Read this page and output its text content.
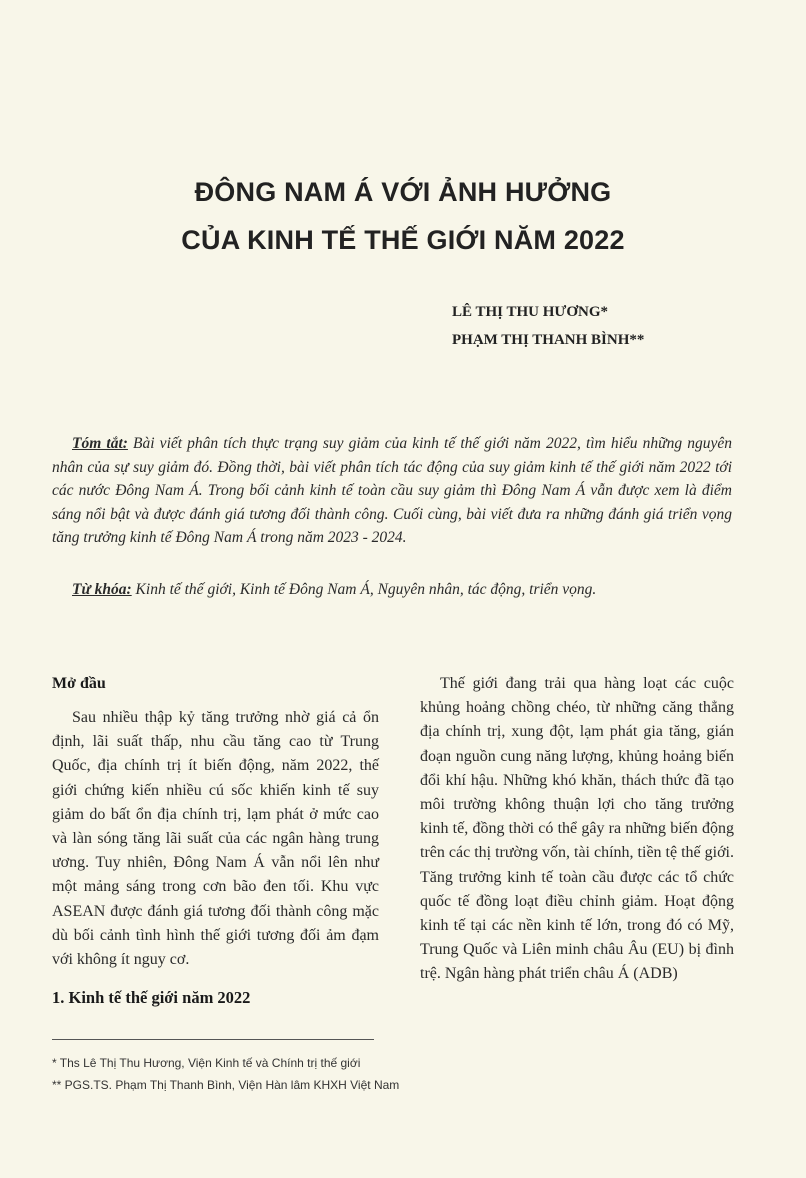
ĐÔNG NAM Á VỚI ẢNH HƯỞNG
CỦA KINH TẾ THẾ GIỚI NĂM 2022
LÊ THỊ THU HƯƠNG*
PHẠM THỊ THANH BÌNH**
Tóm tắt: Bài viết phân tích thực trạng suy giảm của kinh tế thế giới năm 2022, tìm hiểu những nguyên nhân của sự suy giảm đó. Đồng thời, bài viết phân tích tác động của suy giảm kinh tế thế giới năm 2022 tới các nước Đông Nam Á. Trong bối cảnh kinh tế toàn cầu suy giảm thì Đông Nam Á vẫn được xem là điểm sáng nổi bật và được đánh giá tương đối thành công. Cuối cùng, bài viết đưa ra những đánh giá triển vọng tăng trưởng kinh tế Đông Nam Á trong năm 2023 - 2024.
Từ khóa: Kinh tế thế giới, Kinh tế Đông Nam Á, Nguyên nhân, tác động, triển vọng.
Mở đầu

Sau nhiều thập kỷ tăng trưởng nhờ giá cả ổn định, lãi suất thấp, nhu cầu tăng cao từ Trung Quốc, địa chính trị ít biến động, năm 2022, thế giới chứng kiến nhiều cú sốc khiến kinh tế suy giảm do bất ổn địa chính trị, lạm phát ở mức cao và làn sóng tăng lãi suất của các ngân hàng trung ương. Tuy nhiên, Đông Nam Á vẫn nổi lên như một mảng sáng trong cơn bão đen tối. Khu vực ASEAN được đánh giá tương đối thành công mặc dù bối cảnh tình hình thế giới tương đối ảm đạm với không ít nguy cơ.

1. Kinh tế thế giới năm 2022

Thế giới đang trải qua hàng loạt các cuộc khủng hoảng chồng chéo, từ những căng thẳng địa chính trị, xung đột, lạm phát gia tăng, gián đoạn nguồn cung năng lượng, khủng hoảng biến đổi khí hậu. Những khó khăn, thách thức đã tạo môi trường không thuận lợi cho tăng trưởng kinh tế, đồng thời có thể gây ra những biến động trên các thị trường vốn, tài chính, tiền tệ thế giới. Tăng trưởng kinh tế toàn cầu được các tổ chức quốc tế đồng loạt điều chỉnh giảm. Hoạt động kinh tế tại các nền kinh tế lớn, trong đó có Mỹ, Trung Quốc và Liên minh châu Âu (EU) bị đình trệ. Ngân hàng phát triển châu Á (ADB)

* Ths Lê Thị Thu Hương, Viện Kinh tế và Chính trị thế giới
** PGS.TS. Phạm Thị Thanh Bình, Viện Hàn lâm KHXH Việt Nam
